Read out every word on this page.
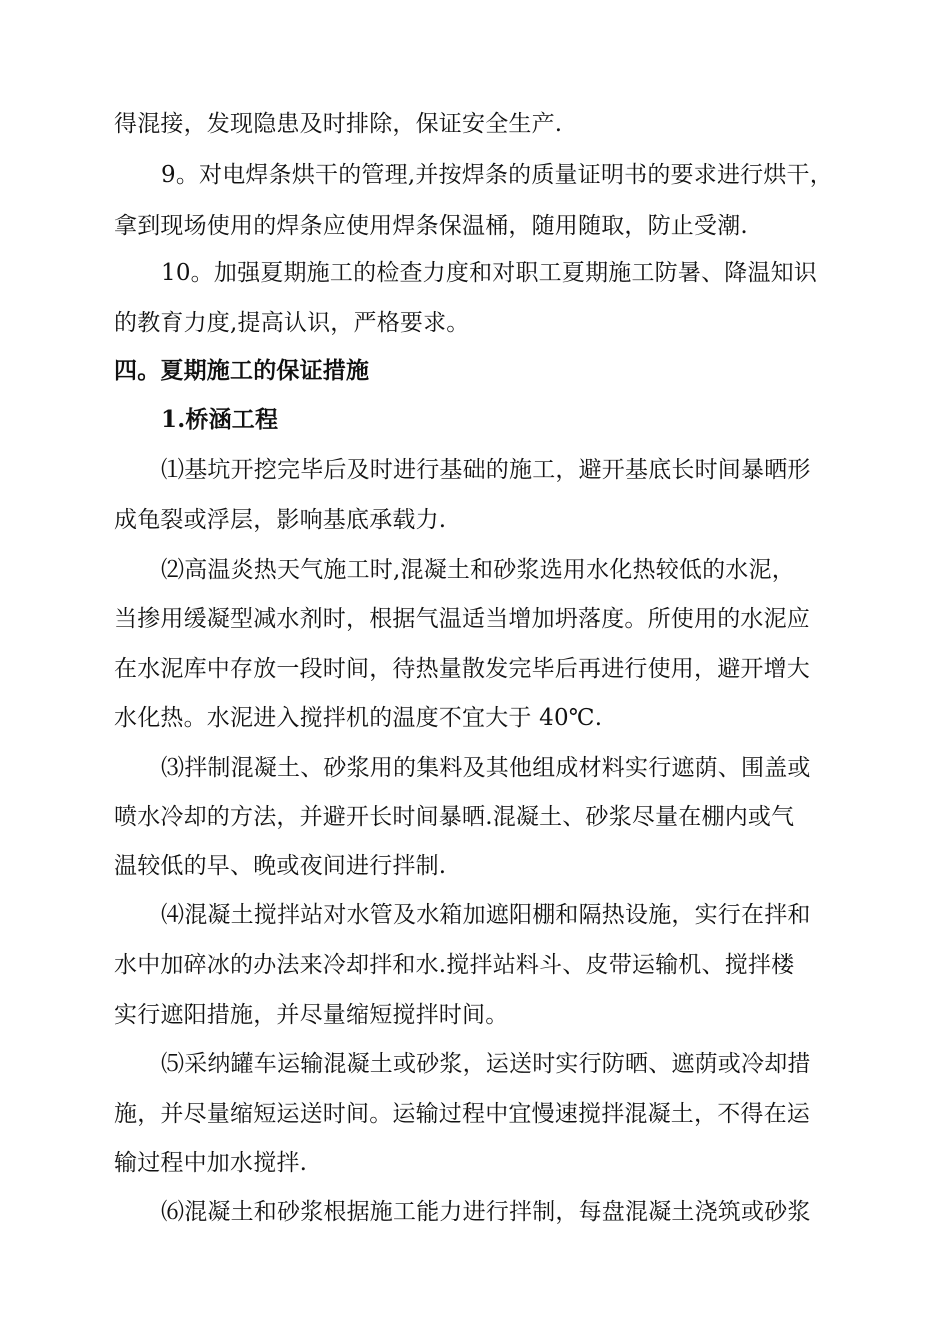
得混接，发现隐患及时排除，保证安全生产.
9。对电焊条烘干的管理,并按焊条的质量证明书的要求进行烘干，
拿到现场使用的焊条应使用焊条保温桶，随用随取，防止受潮.
10。加强夏期施工的检查力度和对职工夏期施工防暑、降温知识
的教育力度,提高认识，严格要求。
四。夏期施工的保证措施
1.桥涵工程
⑴基坑开挖完毕后及时进行基础的施工，避开基底长时间暴晒形
成龟裂或浮层，影响基底承载力.
⑵高温炎热天气施工时,混凝土和砂浆选用水化热较低的水泥，
当掺用缓凝型减水剂时，根据气温适当增加坍落度。所使用的水泥应
在水泥库中存放一段时间，待热量散发完毕后再进行使用，避开增大
水化热。水泥进入搅拌机的温度不宜大于 40℃.
⑶拌制混凝土、砂浆用的集料及其他组成材料实行遮荫、围盖或
喷水冷却的方法，并避开长时间暴晒.混凝土、砂浆尽量在棚内或气
温较低的早、晚或夜间进行拌制.
⑷混凝土搅拌站对水管及水箱加遮阳棚和隔热设施，实行在拌和
水中加碎冰的办法来冷却拌和水.搅拌站料斗、皮带运输机、搅拌楼
实行遮阳措施，并尽量缩短搅拌时间。
⑸采纳罐车运输混凝土或砂浆，运送时实行防晒、遮荫或冷却措
施，并尽量缩短运送时间。运输过程中宜慢速搅拌混凝土，不得在运
输过程中加水搅拌.
⑹混凝土和砂浆根据施工能力进行拌制，每盘混凝土浇筑或砂浆
